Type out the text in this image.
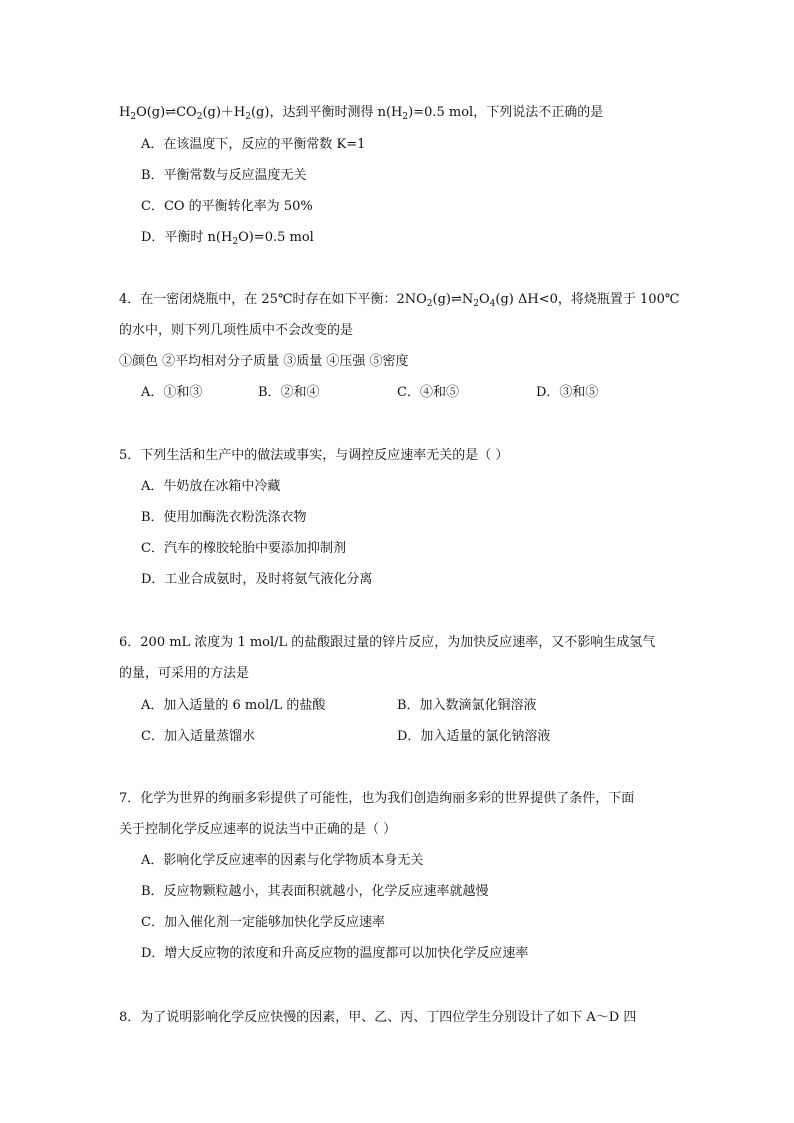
$H_2O(g)\rightleftharpoons CO_2(g)+H_2(g)$，达到平衡时测得 $n(H_2)=0.5$ mol，下列说法不正确的是
A．在该温度下，反应的平衡常数 K=1
B．平衡常数与反应温度无关
C．CO 的平衡转化率为 50%
D．平衡时 $n(H_2O)=0.5$ mol
4．在一密闭烧瓶中，在 25℃时存在如下平衡：$2NO_2(g)\rightleftharpoons N_2O_4(g)$ ΔH<0，将烧瓶置于 100℃
的水中，则下列几项性质中不会改变的是
①颜色 ②平均相对分子质量 ③质量 ④压强 ⑤密度
A．①和③	B．②和④	C．④和⑤	D．③和⑤
5．下列生活和生产中的做法或事实，与调控反应速率无关的是（ ）
A．牛奶放在冰箱中冷藏
B．使用加酶洗衣粉洗涤衣物
C．汽车的橡胶轮胎中要添加抑制剂
D．工业合成氨时，及时将氨气液化分离
6．200 mL 浓度为 1 mol/L 的盐酸跟过量的锌片反应，为加快反应速率，又不影响生成氢气
的量，可采用的方法是
A．加入适量的 6 mol/L 的盐酸	B．加入数滴氯化铜溶液
C．加入适量蒸馏水	D．加入适量的氯化钠溶液
7．化学为世界的绚丽多彩提供了可能性，也为我们创造绚丽多彩的世界提供了条件，下面
关于控制化学反应速率的说法当中正确的是（ ）
A．影响化学反应速率的因素与化学物质本身无关
B．反应物颗粒越小，其表面积就越小，化学反应速率就越慢
C．加入催化剂一定能够加快化学反应速率
D．增大反应物的浓度和升高反应物的温度都可以加快化学反应速率
8．为了说明影响化学反应快慢的因素，甲、乙、丙、丁四位学生分别设计了如下 A～D 四
